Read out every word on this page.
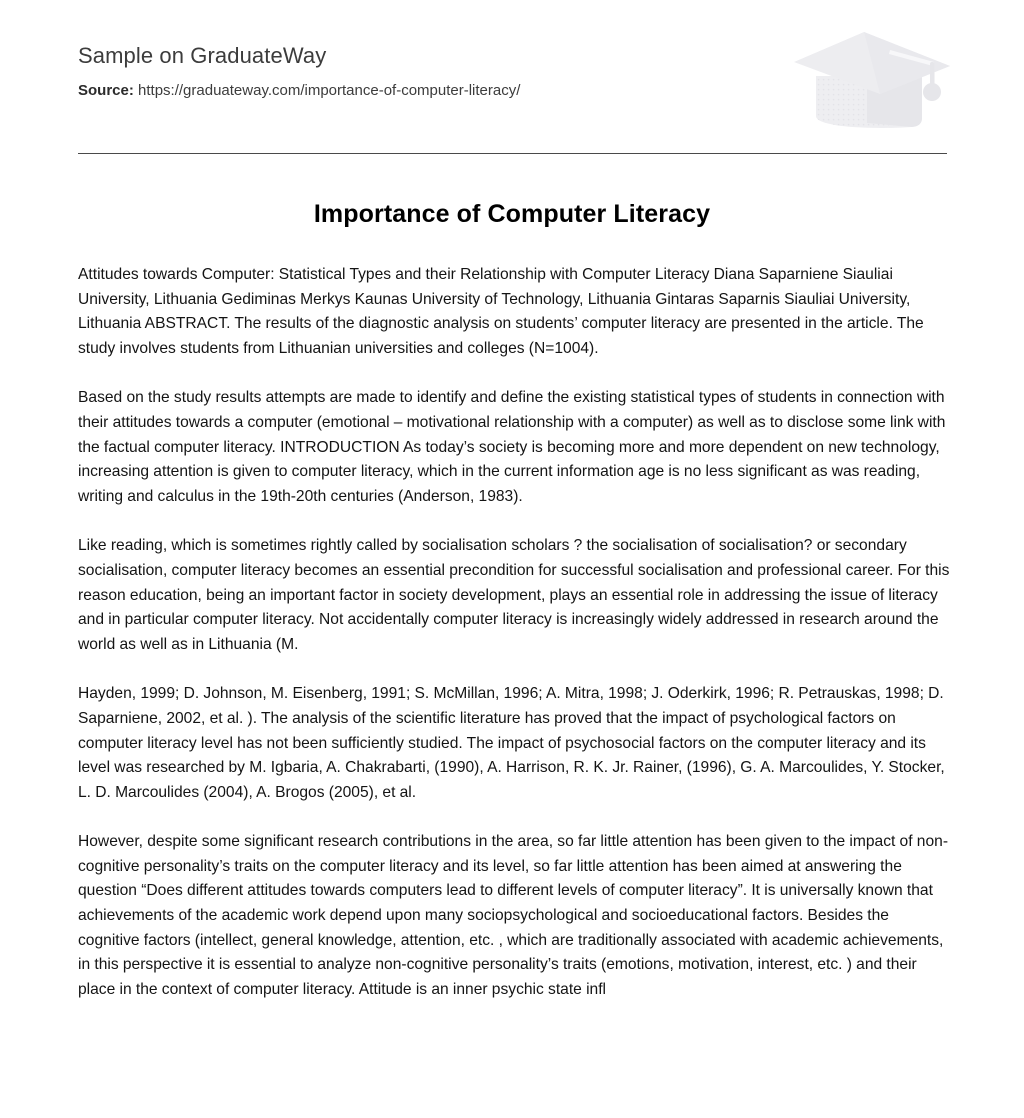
Sample on GraduateWay
Source: https://graduateway.com/importance-of-computer-literacy/
Importance of Computer Literacy

Attitudes towards Computer: Statistical Types and their Relationship with Computer Literacy Diana Saparniene Siauliai University, Lithuania Gediminas Merkys Kaunas University of Technology, Lithuania Gintaras Saparnis Siauliai University, Lithuania ABSTRACT. The results of the diagnostic analysis on students’ computer literacy are presented in the article. The study involves students from Lithuanian universities and colleges (N=1004).

Based on the study results attempts are made to identify and define the existing statistical types of students in connection with their attitudes towards a computer (emotional – motivational relationship with a computer) as well as to disclose some link with the factual computer literacy. INTRODUCTION As today’s society is becoming more and more dependent on new technology, increasing attention is given to computer literacy, which in the current information age is no less significant as was reading, writing and calculus in the 19th-20th centuries (Anderson, 1983).

Like reading, which is sometimes rightly called by socialisation scholars ? the socialisation of socialisation? or secondary socialisation, computer literacy becomes an essential precondition for successful socialisation and professional career. For this reason education, being an important factor in society development, plays an essential role in addressing the issue of literacy and in particular computer literacy. Not accidentally computer literacy is increasingly widely addressed in research around the world as well as in Lithuania (M.

Hayden, 1999; D. Johnson, M. Eisenberg, 1991; S. McMillan, 1996; A. Mitra, 1998; J. Oderkirk, 1996; R. Petrauskas, 1998; D. Saparniene, 2002, et al. ). The analysis of the scientific literature has proved that the impact of psychological factors on computer literacy level has not been sufficiently studied. The impact of psychosocial factors on the computer literacy and its level was researched by M. Igbaria, A. Chakrabarti, (1990), A. Harrison, R. K. Jr. Rainer, (1996), G. A. Marcoulides, Y. Stocker, L. D. Marcoulides (2004), A. Brogos (2005), et al.

However, despite some significant research contributions in the area, so far little attention has been given to the impact of non-cognitive personality’s traits on the computer literacy and its level, so far little attention has been aimed at answering the question “Does different attitudes towards computers lead to different levels of computer literacy”. It is universally known that achievements of the academic work depend upon many sociopsychological and socioeducational factors. Besides the cognitive factors (intellect, general knowledge, attention, etc. , which are traditionally associated with academic achievements, in this perspective it is essential to analyze non-cognitive personality’s traits (emotions, motivation, interest, etc. ) and their place in the context of computer literacy. Attitude is an inner psychic state infl
